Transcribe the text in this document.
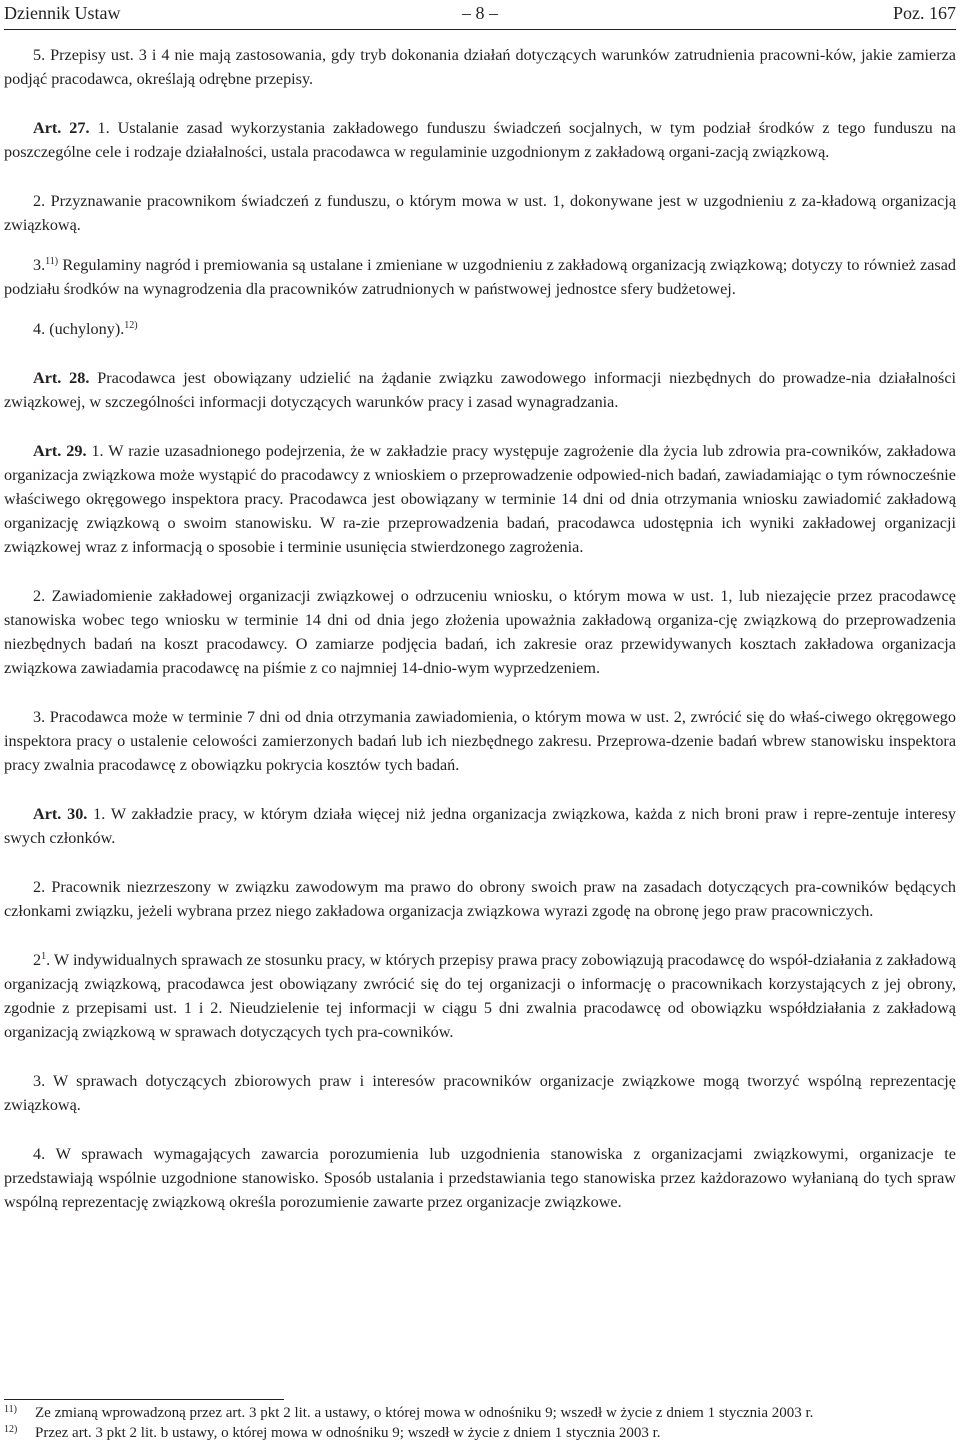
Dziennik Ustaw	– 8 –	Poz. 167

5. Przepisy ust. 3 i 4 nie mają zastosowania, gdy tryb dokonania działań dotyczących warunków zatrudnienia pracowni-ków, jakie zamierza podjąć pracodawca, określają odrębne przepisy.

Art. 27. 1. Ustalanie zasad wykorzystania zakładowego funduszu świadczeń socjalnych, w tym podział środków z tego funduszu na poszczególne cele i rodzaje działalności, ustala pracodawca w regulaminie uzgodnionym z zakładową organi-zacją związkową.

2. Przyznawanie pracownikom świadczeń z funduszu, o którym mowa w ust. 1, dokonywane jest w uzgodnieniu z za-kładową organizacją związkową.

3.$^{11)}$ Regulaminy nagród i premiowania są ustalane i zmieniane w uzgodnieniu z zakładową organizacją związkową; dotyczy to również zasad podziału środków na wynagrodzenia dla pracowników zatrudnionych w państwowej jednostce sfery budżetowej.

4. (uchylony).$^{12)}$

Art. 28. Pracodawca jest obowiązany udzielić na żądanie związku zawodowego informacji niezbędnych do prowadze-nia działalności związkowej, w szczególności informacji dotyczących warunków pracy i zasad wynagradzania.

Art. 29. 1. W razie uzasadnionego podejrzenia, że w zakładzie pracy występuje zagrożenie dla życia lub zdrowia pra-cowników, zakładowa organizacja związkowa może wystąpić do pracodawcy z wnioskiem o przeprowadzenie odpowied-nich badań, zawiadamiając o tym równocześnie właściwego okręgowego inspektora pracy. Pracodawca jest obowiązany w terminie 14 dni od dnia otrzymania wniosku zawiadomić zakładową organizację związkową o swoim stanowisku. W ra-zie przeprowadzenia badań, pracodawca udostępnia ich wyniki zakładowej organizacji związkowej wraz z informacją o sposobie i terminie usunięcia stwierdzonego zagrożenia.

2. Zawiadomienie zakładowej organizacji związkowej o odrzuceniu wniosku, o którym mowa w ust. 1, lub niezajęcie przez pracodawcę stanowiska wobec tego wniosku w terminie 14 dni od dnia jego złożenia upoważnia zakładową organiza-cję związkową do przeprowadzenia niezbędnych badań na koszt pracodawcy. O zamiarze podjęcia badań, ich zakresie oraz przewidywanych kosztach zakładowa organizacja związkowa zawiadamia pracodawcę na piśmie z co najmniej 14-dnio-wym wyprzedzeniem.

3. Pracodawca może w terminie 7 dni od dnia otrzymania zawiadomienia, o którym mowa w ust. 2, zwrócić się do właś-ciwego okręgowego inspektora pracy o ustalenie celowości zamierzonych badań lub ich niezbędnego zakresu. Przeprowa-dzenie badań wbrew stanowisku inspektora pracy zwalnia pracodawcę z obowiązku pokrycia kosztów tych badań.

Art. 30. 1. W zakładzie pracy, w którym działa więcej niż jedna organizacja związkowa, każda z nich broni praw i repre-zentuje interesy swych członków.

2. Pracownik niezrzeszony w związku zawodowym ma prawo do obrony swoich praw na zasadach dotyczących pra-cowników będących członkami związku, jeżeli wybrana przez niego zakładowa organizacja związkowa wyrazi zgodę na obronę jego praw pracowniczych.

$2^1$. W indywidualnych sprawach ze stosunku pracy, w których przepisy prawa pracy zobowiązują pracodawcę do współ-działania z zakładową organizacją związkową, pracodawca jest obowiązany zwrócić się do tej organizacji o informację o pracownikach korzystających z jej obrony, zgodnie z przepisami ust. 1 i 2. Nieudzielenie tej informacji w ciągu 5 dni zwalnia pracodawcę od obowiązku współdziałania z zakładową organizacją związkową w sprawach dotyczących tych pra-cowników.

3. W sprawach dotyczących zbiorowych praw i interesów pracowników organizacje związkowe mogą tworzyć wspólną reprezentację związkową.

4. W sprawach wymagających zawarcia porozumienia lub uzgodnienia stanowiska z organizacjami związkowymi, organizacje te przedstawiają wspólnie uzgodnione stanowisko. Sposób ustalania i przedstawiania tego stanowiska przez każdorazowo wyłanianą do tych spraw wspólną reprezentację związkową określa porozumienie zawarte przez organizacje związkowe.

11) Ze zmianą wprowadzoną przez art. 3 pkt 2 lit. a ustawy, o której mowa w odnośniku 9; wszedł w życie z dniem 1 stycznia 2003 r.
12) Przez art. 3 pkt 2 lit. b ustawy, o której mowa w odnośniku 9; wszedł w życie z dniem 1 stycznia 2003 r.
